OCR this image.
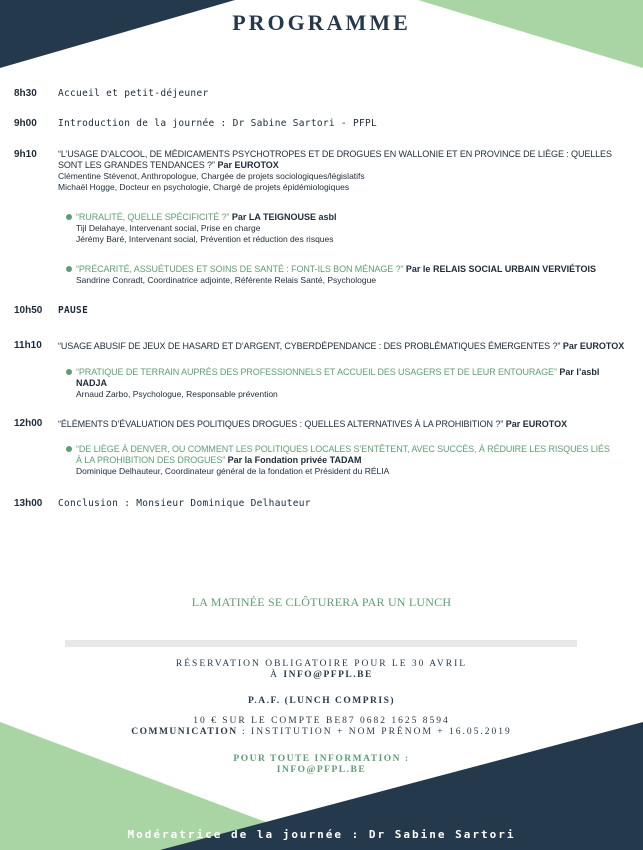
PROGRAMME
8h30 Accueil et petit-déjeuner
9h00 Introduction de la journée : Dr Sabine Sartori - PFPL
9h10 “L’USAGE D’ALCOOL, DE MÉDICAMENTS PSYCHOTROPES ET DE DROGUES EN WALLONIE ET EN PROVINCE DE LIÈGE : QUELLES SONT LES GRANDES TENDANCES ?” Par EUROTOX
Clémentine Stévenot, Anthropologue, Chargée de projets sociologiques/législatifs
Michaël Hogge, Docteur en psychologie, Chargé de projets épidémiologiques
“RURALITÉ, QUELLE SPÉCIFICITÉ ?” Par LA TEIGNOUSE asbl
Tijl Delahaye, Intervenant social, Prise en charge
Jérémy Baré, Intervenant social, Prévention et réduction des risques
“PRÉCARITÉ, ASSUÉTUDES ET SOINS DE SANTÉ : FONT-ILS BON MÉNAGE ?” Par le RELAIS SOCIAL URBAIN VERVIÉTOIS
Sandrine Conradt, Coordinatrice adjointe, Référente Relais Santé, Psychologue
10h50 PAUSE
11h10 “USAGE ABUSIF DE JEUX DE HASARD ET D’ARGENT, CYBERDÉPENDANCE : DES PROBLÉMATIQUES ÉMERGENTES ?” Par EUROTOX
“PRATIQUE DE TERRAIN AUPRÈS DES PROFESSIONNELS ET ACCUEIL DES USAGERS ET DE LEUR ENTOURAGE” Par l’asbl NADJA
Arnaud Zarbo, Psychologue, Responsable prévention
12h00 “ÉLÉMENTS D’ÉVALUATION DES POLITIQUES DROGUES : QUELLES ALTERNATIVES À LA PROHIBITION ?” Par EUROTOX
“DE LIÈGE À DENVER, OU COMMENT LES POLITIQUES LOCALES S’ENTÊTENT, AVEC SUCCÈS, À RÉDUIRE LES RISQUES LIÉS À LA PROHIBITION DES DROGUES” Par la Fondation privée TADAM
Dominique Delhauteur, Coordinateur général de la fondation et Président du RÉLIA
13h00 Conclusion : Monsieur Dominique Delhauteur
LA MATINÉE SE CLÔTURERA PAR UN LUNCH
RÉSERVATION OBLIGATOIRE POUR LE 30 AVRIL
À INFO@PFPL.BE
P.A.F. (LUNCH COMPRIS)
10 € SUR LE COMPTE BE87 0682 1625 8594
COMMUNICATION : INSTITUTION + NOM PRÉNOM + 16.05.2019
POUR TOUTE INFORMATION :
INFO@PFPL.BE
Modératrice de la journée : Dr Sabine Sartori
